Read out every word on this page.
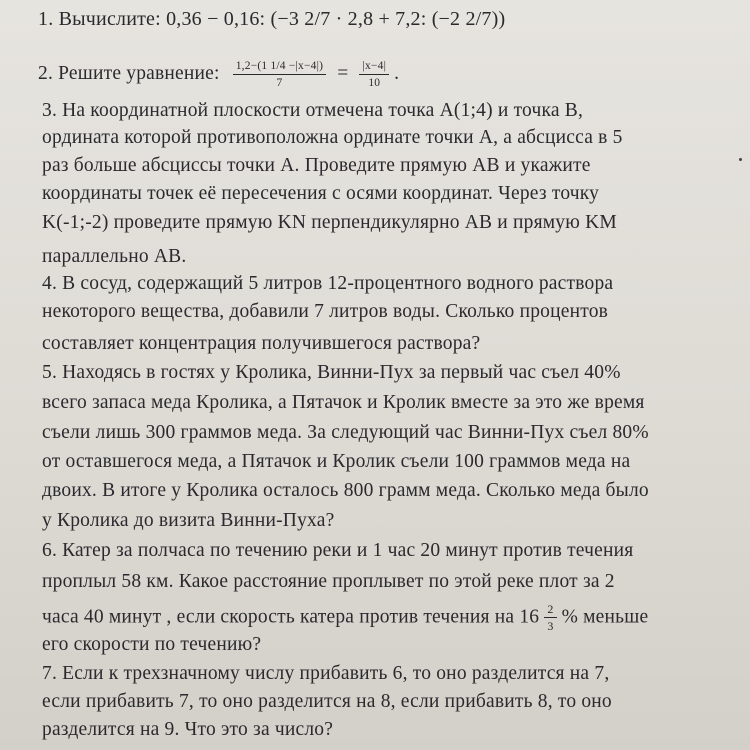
1. Вычислите: 0,36 − 0,16: (−3 2/7 · 2,8 + 7,2: (−2 2/7))
2. Решите уравнение: $\frac{1,2-(1 1/4 -|x-4|)}{7} = \frac{|x-4|}{10}$ .
3. На координатной плоскости отмечена точка A(1;4) и точка B,
ордината которой противоположна ординате точки A, а абсцисса в 5
раз больше абсциссы точки A. Проведите прямую AB и укажите
координаты точек её пересечения с осями координат. Через точку
K(-1;-2) проведите прямую KN перпендикулярно AB и прямую KM
параллельно AB.
4. В сосуд, содержащий 5 литров 12-процентного водного раствора
некоторого вещества, добавили 7 литров воды. Сколько процентов
составляет концентрация получившегося раствора?
5. Находясь в гостях у Кролика, Винни-Пух за первый час съел 40%
всего запаса меда Кролика, а Пятачок и Кролик вместе за это же время
съели лишь 300 граммов меда. За следующий час Винни-Пух съел 80%
от оставшегося меда, а Пятачок и Кролик съели 100 граммов меда на
двоих. В итоге у Кролика осталось 800 грамм меда. Сколько меда было
у Кролика до визита Винни-Пуха?
6. Катер за полчаса по течению реки и 1 час 20 минут против течения
проплыл 58 км. Какое расстояние проплывет по этой реке плот за 2
часа 40 минут , если скорость катера против течения на $16 \frac{2}{3}$ % меньше
его скорости по течению?
7. Если к трехзначному числу прибавить 6, то оно разделится на 7,
если прибавить 7, то оно разделится на 8, если прибавить 8, то оно
разделится на 9. Что это за число?
